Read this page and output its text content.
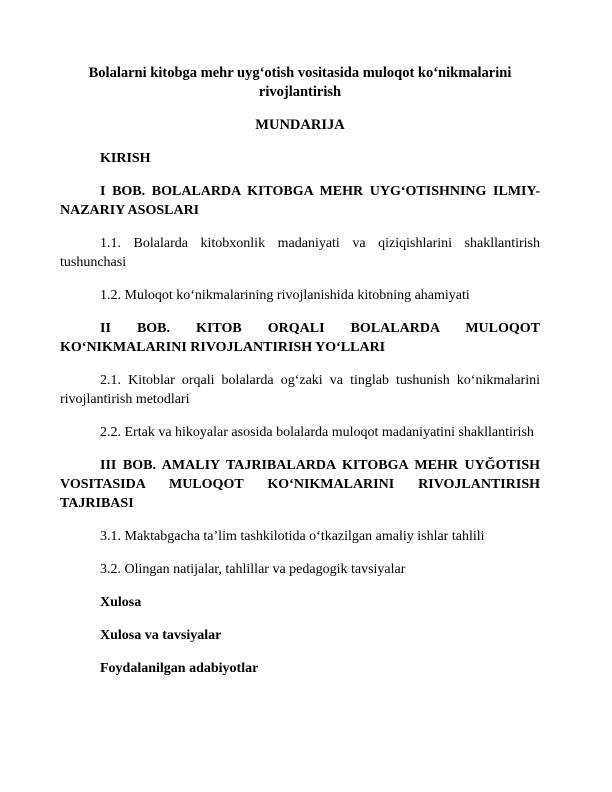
Bolalarni kitobga mehr uyg‘otish vositasida muloqot ko‘nikmalarini rivojlantirish

MUNDARIJA

KIRISH

I BOB. BOLALARDA KITOBGA MEHR UYG‘OTISHNING ILMIY-NAZARIY ASOSLARI

1.1. Bolalarda kitobxonlik madaniyati va qiziqishlarini shakllantirish tushunchasi

1.2. Muloqot ko‘nikmalarining rivojlanishida kitobning ahamiyati

II BOB. KITOB ORQALI BOLALARDA MULOQOT KO‘NIKMALARINI RIVOJLANTIRISH YO‘LLARI

2.1. Kitoblar orqali bolalarda og‘zaki va tinglab tushunish ko‘nikmalarini rivojlantirish metodlari

2.2. Ertak va hikoyalar asosida bolalarda muloqot madaniyatini shakllantirish

III BOB. AMALIY TAJRIBALARDA KITOBGA MEHR UYĞOTISH VOSITASIDA MULOQOT KO‘NIKMALARINI RIVOJLANTIRISH TAJRIBASI

3.1. Maktabgacha ta’lim tashkilotida o‘tkazilgan amaliy ishlar tahlili

3.2. Olingan natijalar, tahlillar va pedagogik tavsiyalar

Xulosa

Xulosa va tavsiyalar

Foydalanilgan adabiyotlar
